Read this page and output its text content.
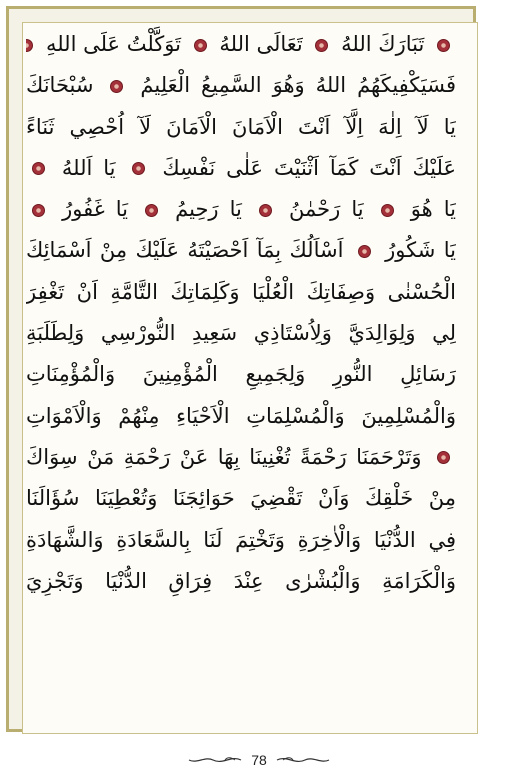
تَبَارَكَ اللهُ  تَعَالَى اللهُ  تَوَكَّلْتُ عَلَى اللهِ
فَسَيَكْفِيكَهُمُ اللهُ وَهُوَ السَّمِيعُ الْعَلِيمُ  سُبْحَانَكَ
يَا لَآ اِلٰهَ اِلَّآ اَنْتَ الْاَمَانَ الْاَمَانَ لَآ اُحْصِي ثَنَاءً
عَلَيْكَ اَنْتَ كَمَآ اَثْنَيْتَ عَلٰى نَفْسِكَ  يَا اَللهُ
يَا هُوَ  يَا رَحْمٰنُ  يَا رَحِيمُ  يَا غَفُورُ
يَا شَكُورُ  اَسْاَلُكَ بِمَآ اَحْصَيْتَهُ عَلَيْكَ مِنْ اَسْمَائِكَ
الْحُسْنٰى وَصِفَاتِكَ الْعُلْيَا وَكَلِمَاتِكَ التَّامَّةِ اَنْ تَغْفِرَ
لِي وَلِوَالِدَيَّ وَلِاُسْتَاذِي سَعِيدِ النُّورْسِي وَلِطَلَبَةِ
رَسَائِلِ النُّورِ وَلِجَمِيعِ الْمُؤْمِنِينَ وَالْمُؤْمِنَاتِ
وَالْمُسْلِمِينَ وَالْمُسْلِمَاتِ الْاَحْيَاءِ مِنْهُمْ وَالْاَمْوَاتِ
وَتَرْحَمَنَا رَحْمَةً تُغْنِينَا بِهَا عَنْ رَحْمَةِ مَنْ سِوَاكَ
مِنْ خَلْقِكَ وَاَنْ تَقْضِيَ حَوَائِجَنَا وَتُعْطِيَنَا سُؤَالَنَا
فِي الدُّنْيَا وَالْاٰخِرَةِ وَتَخْتِمَ لَنَا بِالسَّعَادَةِ وَالشَّهَادَةِ
وَالْكَرَامَةِ وَالْبُشْرٰى عِنْدَ فِرَاقِ الدُّنْيَا وَتَجْزِيَ
78
